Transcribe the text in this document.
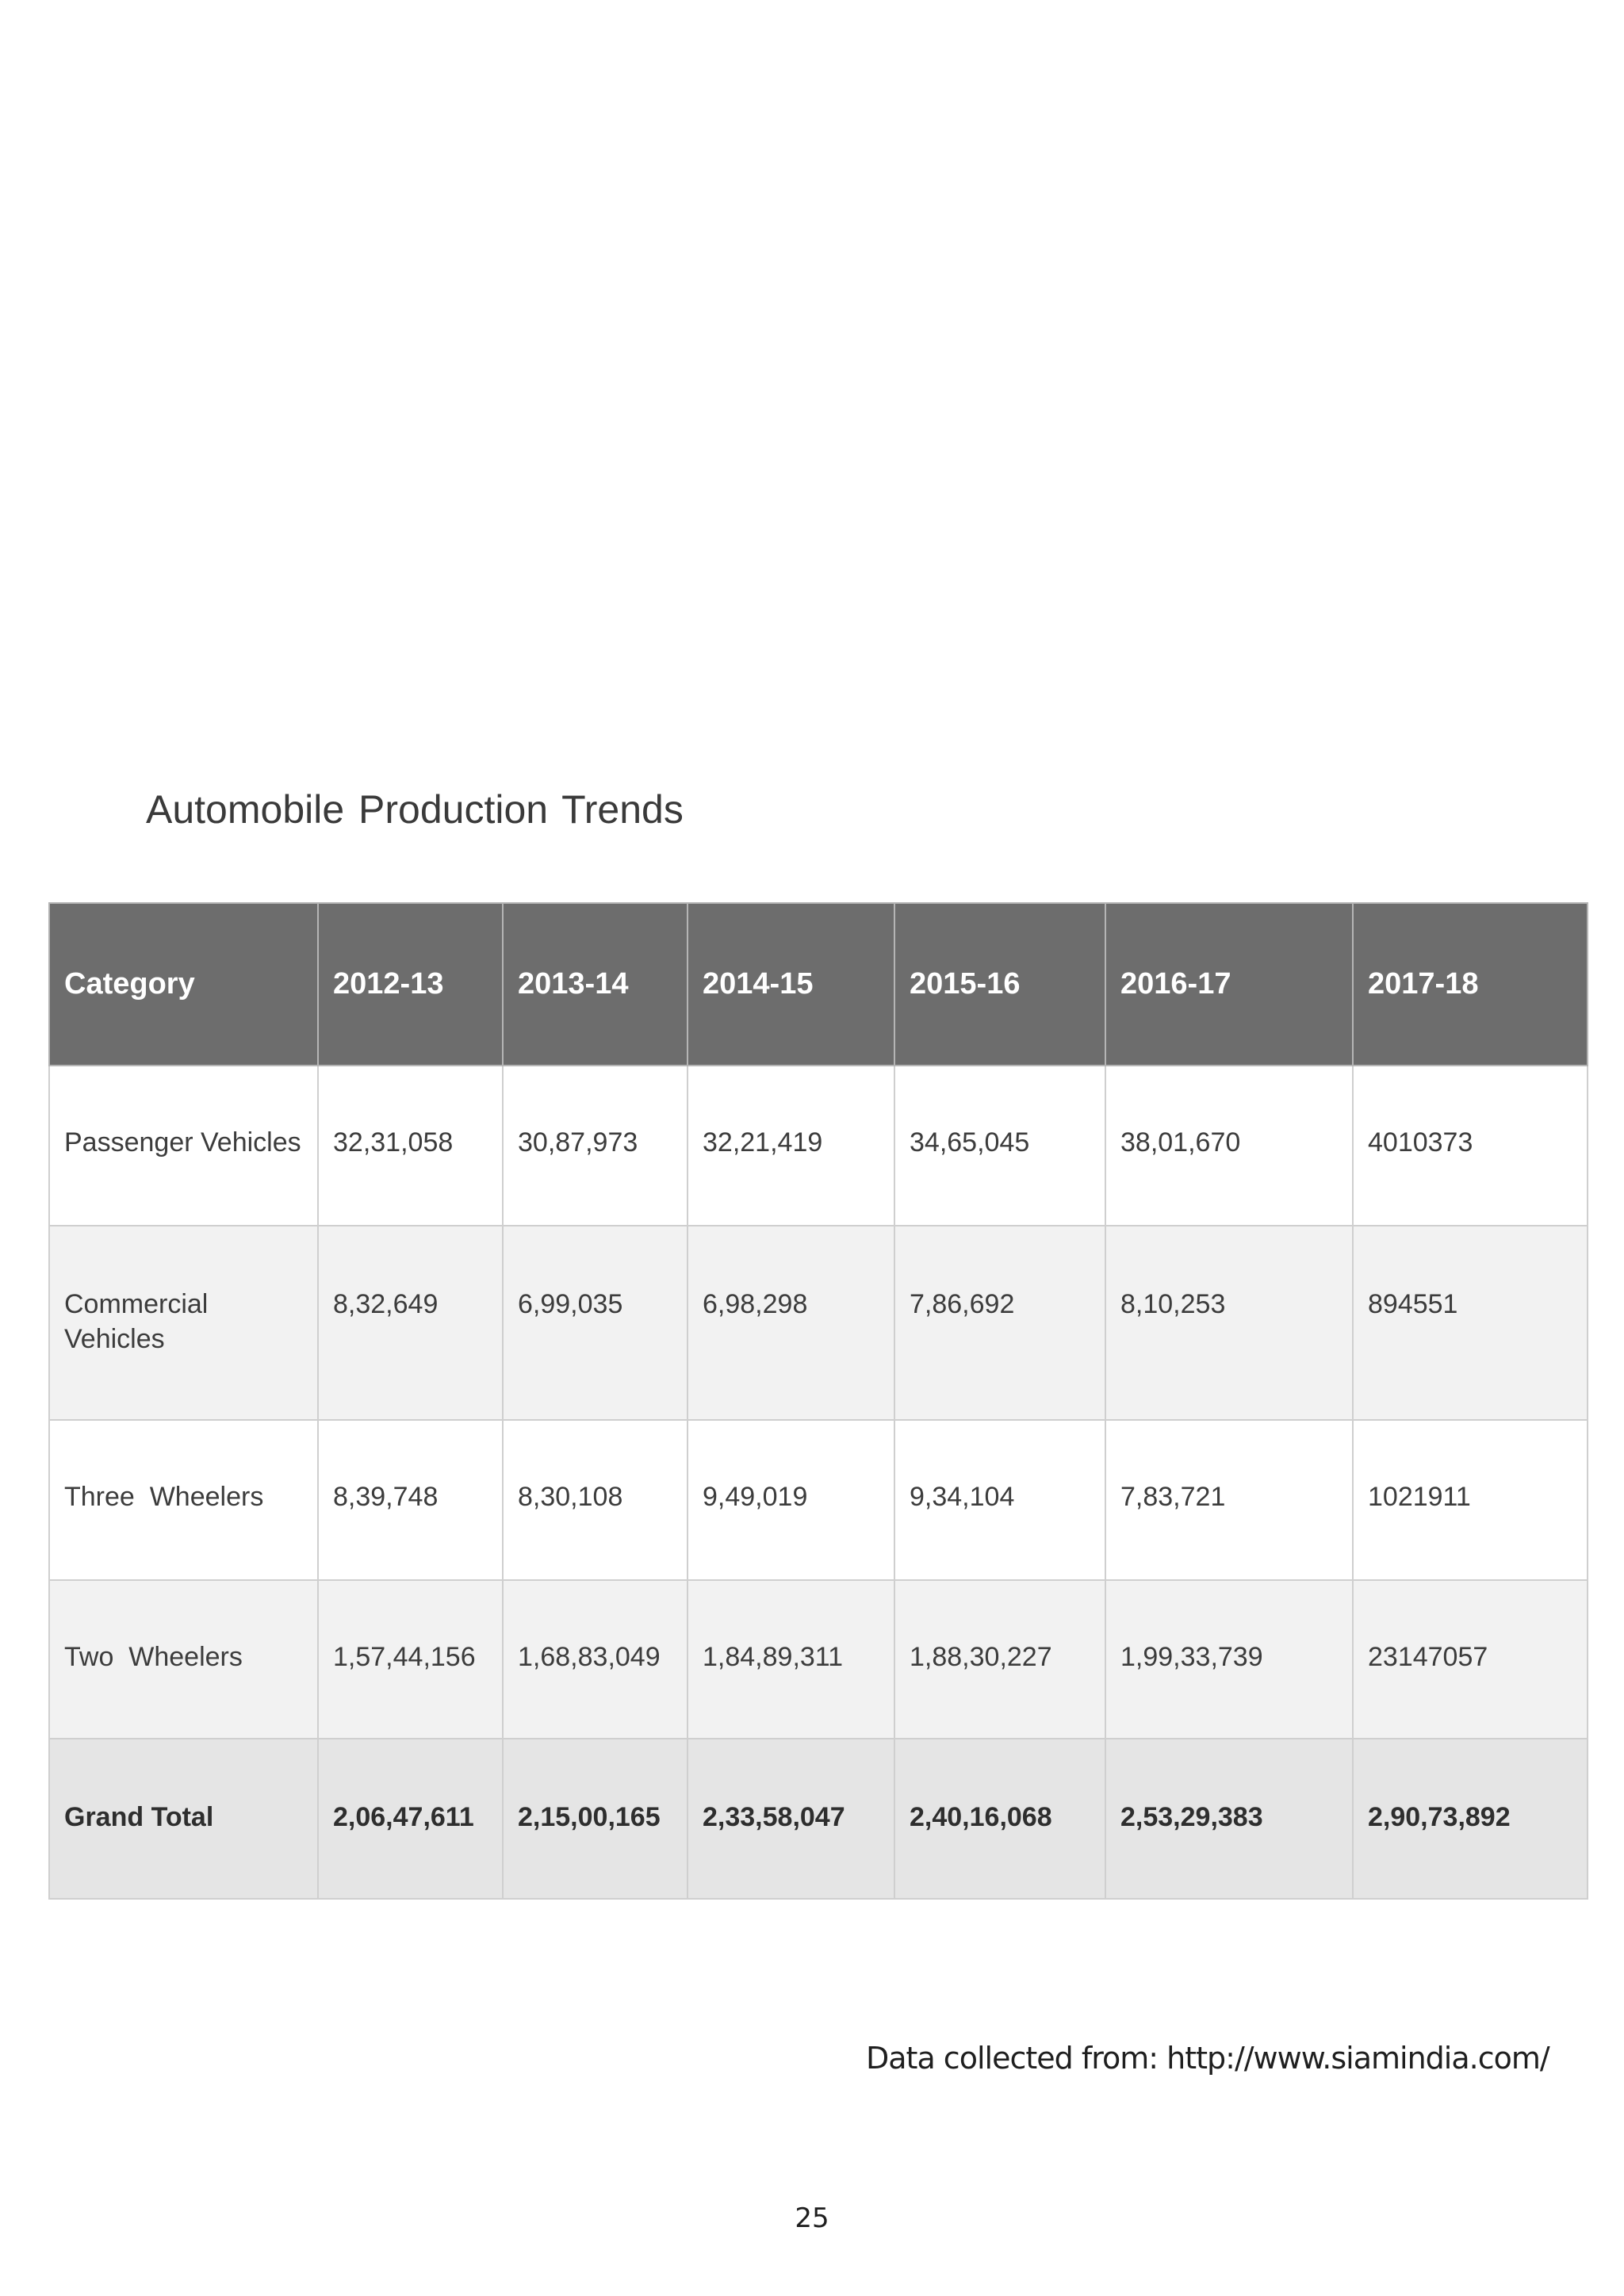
Automobile Production Trends
Category	2012-13	2013-14	2014-15	2015-16	2016-17	2017-18
Passenger Vehicles	32,31,058	30,87,973	32,21,419	34,65,045	38,01,670	4010373
Commercial Vehicles	8,32,649	6,99,035	6,98,298	7,86,692	8,10,253	894551
Three  Wheelers	8,39,748	8,30,108	9,49,019	9,34,104	7,83,721	1021911
Two  Wheelers	1,57,44,156	1,68,83,049	1,84,89,311	1,88,30,227	1,99,33,739	23147057
Grand Total	2,06,47,611	2,15,00,165	2,33,58,047	2,40,16,068	2,53,29,383	2,90,73,892
Data collected from: http://www.siamindia.com/
25
